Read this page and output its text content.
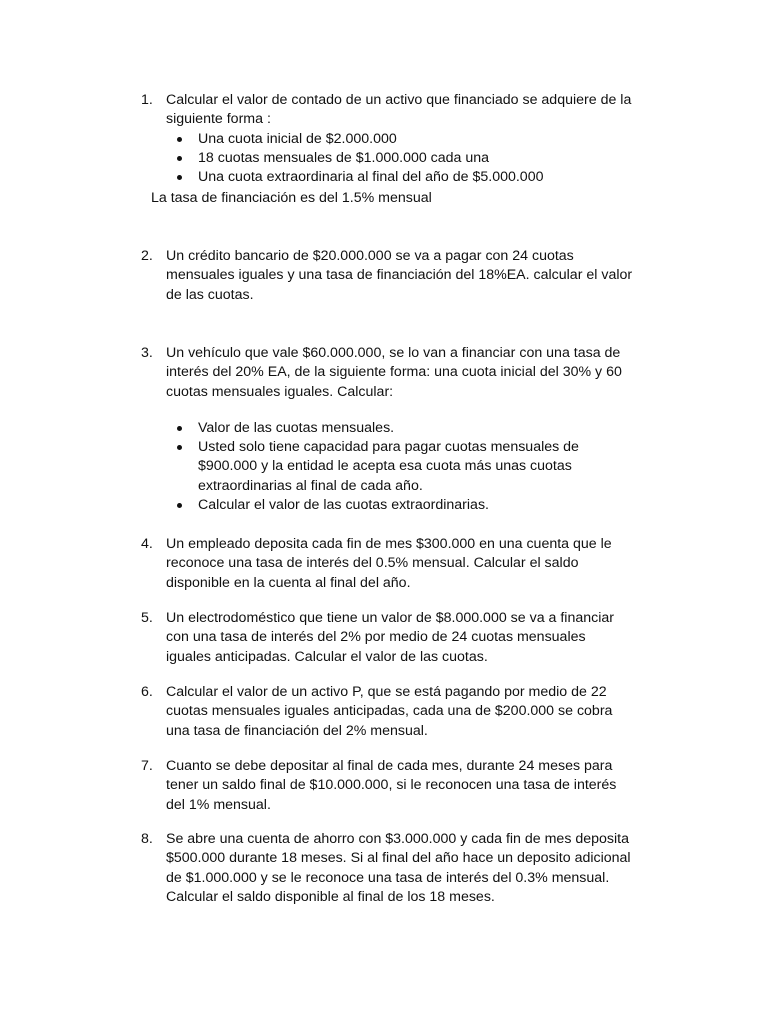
1. Calcular el valor de contado de un activo que financiado se adquiere de la
siguiente forma :
Una cuota inicial de $2.000.000
18 cuotas mensuales de $1.000.000 cada una
Una cuota extraordinaria al final del año de $5.000.000
La tasa de financiación es del 1.5% mensual
2. Un crédito bancario de $20.000.000 se va a pagar con 24 cuotas
mensuales iguales y una tasa de financiación del 18%EA. calcular el valor
de las cuotas.
3. Un vehículo que vale $60.000.000, se lo van a financiar con una tasa de
interés del 20% EA, de la siguiente forma: una cuota inicial del 30% y 60
cuotas mensuales iguales. Calcular:
Valor de las cuotas mensuales.
Usted solo tiene capacidad para pagar cuotas mensuales de
$900.000 y la entidad le acepta esa cuota más unas cuotas
extraordinarias al final de cada año.
Calcular el valor de las cuotas extraordinarias.
4. Un empleado deposita cada fin de mes $300.000 en una cuenta que le
reconoce una tasa de interés del 0.5% mensual. Calcular el saldo
disponible en la cuenta al final del año.
5. Un electrodoméstico que tiene un valor de $8.000.000 se va a financiar
con una tasa de interés del 2% por medio de 24 cuotas mensuales
iguales anticipadas. Calcular el valor de las cuotas.
6. Calcular el valor de un activo P, que se está pagando por medio de 22
cuotas mensuales iguales anticipadas, cada una de $200.000 se cobra
una tasa de financiación del 2% mensual.
7. Cuanto se debe depositar al final de cada mes, durante 24 meses para
tener un saldo final de $10.000.000, si le reconocen una tasa de interés
del 1% mensual.
8. Se abre una cuenta de ahorro con $3.000.000 y cada fin de mes deposita
$500.000 durante 18 meses. Si al final del año hace un deposito adicional
de $1.000.000 y se le reconoce una tasa de interés del 0.3% mensual.
Calcular el saldo disponible al final de los 18 meses.
